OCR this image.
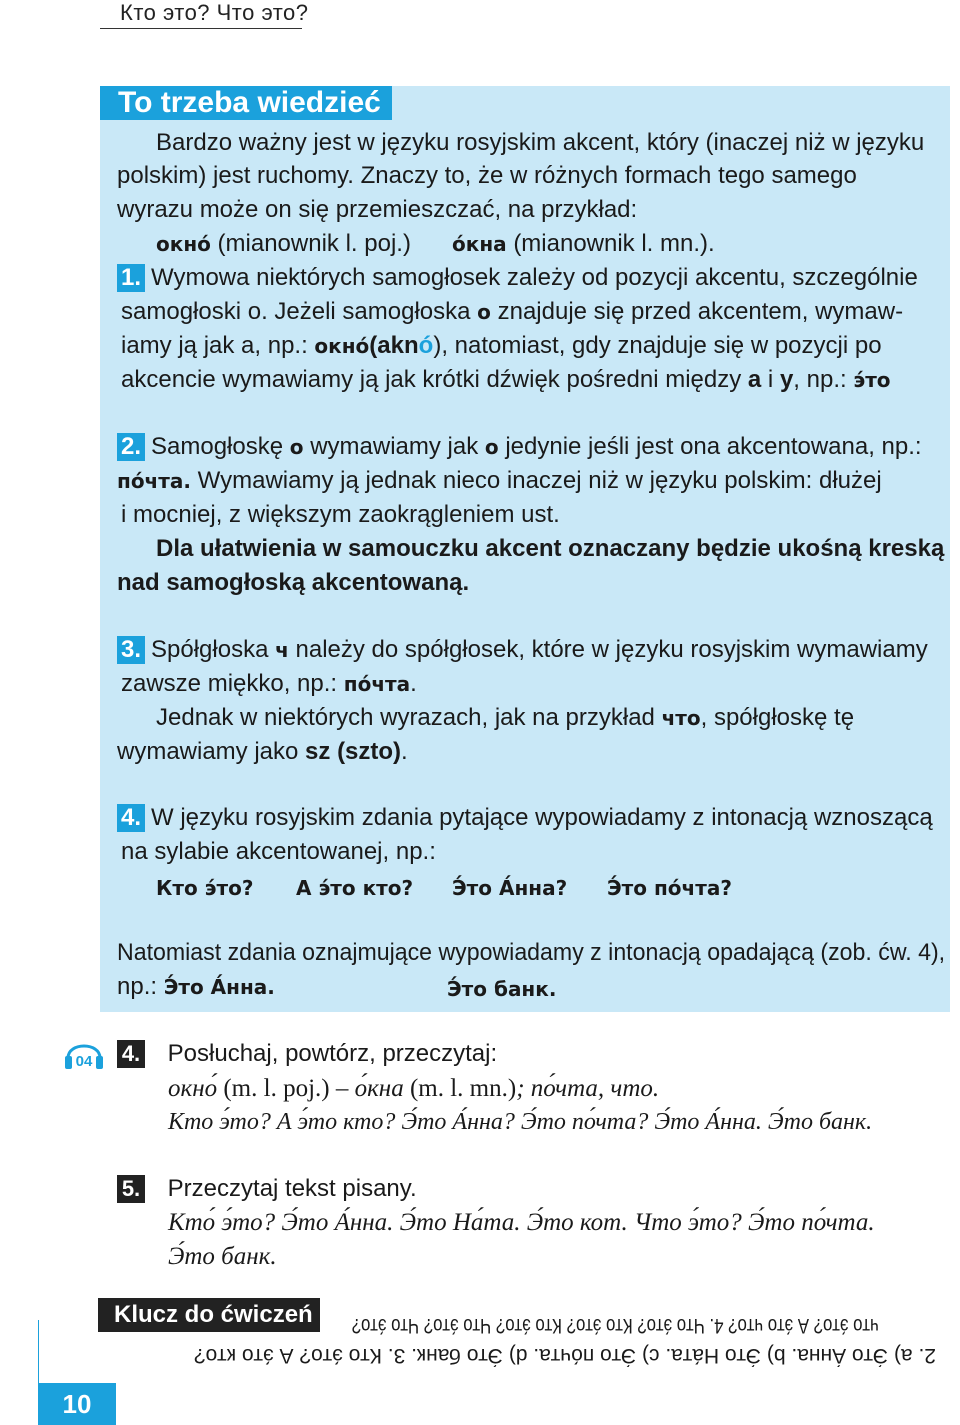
Кто это? Что это?
To trzeba wiedzieć
Bardzo ważny jest w języku rosyjskim akcent, który (inaczej niż w języku
polskim) jest ruchomy. Znaczy to, że w różnych formach tego samego
wyrazu może on się przemieszczać, na przykład:
окно́ (mianownik l. poj.) о́кна (mianownik l. mn.).
1. Wymowa niektórych samogłosek zależy od pozycji akcentu, szczególnie
samogłoski o. Jeżeli samogłoska o znajduje się przed akcentem, wymaw-
iamy ją jak a, np.: окно́(aknó), natomiast, gdy znajduje się w pozycji po
akcencie wymawiamy ją jak krótki dźwięk pośredni między a i y, np.: э́то
2. Samogłoskę o wymawiamy jak o jedynie jeśli jest ona akcentowana, np.:
по́чта. Wymawiamy ją jednak nieco inaczej niż w języku polskim: dłużej
i mocniej, z większym zaokrągleniem ust.
Dla ułatwienia w samouczku akcent oznaczany będzie ukośną kreską
nad samogłoską akcentowaną.
3. Spółgłoska ч należy do spółgłosek, które w języku rosyjskim wymawiamy
zawsze miękko, np.: по́чта.
Jednak w niektórych wyrazach, jak na przykład что, spółgłoskę tę
wymawiamy jako sz (szto).
4. W języku rosyjskim zdania pytające wypowiadamy z intonacją wznoszącą
na sylabie akcentowanej, np.:
Кто э́то? А э́то кто? Э́то А́нна? Э́то по́чта?
Natomiast zdania oznajmujące wypowiadamy z intonacją opadającą (zob. ćw. 4),
np.: Э́то А́нна.	Э́то банк.
04 4. Posłuchaj, powtórz, przeczytaj:
окно́ (m. l. poj.) – о́кна (m. l. mn.); по́чта, что.
Кто э́то? А э́то кто? Э́то А́нна? Э́то по́чта? Э́то А́нна. Э́то банк.
5. Przeczytaj tekst pisany.
Кто́ э́то? Э́то А́нна. Э́то На́та. Э́то кот. Что э́то? Э́то по́чта.
Э́то банк.
Klucz do ćwiczeń что э́то? А э́то что? 4. Что э́то? Кто э́то? Кто э́то? Что э́то? Что э́то?
2. а) Э́то А́нна. b) Э́то На́та. c) Э́то по́чта. d) Э́то банк. 3. Кто э́то? А э́то кто?
10
